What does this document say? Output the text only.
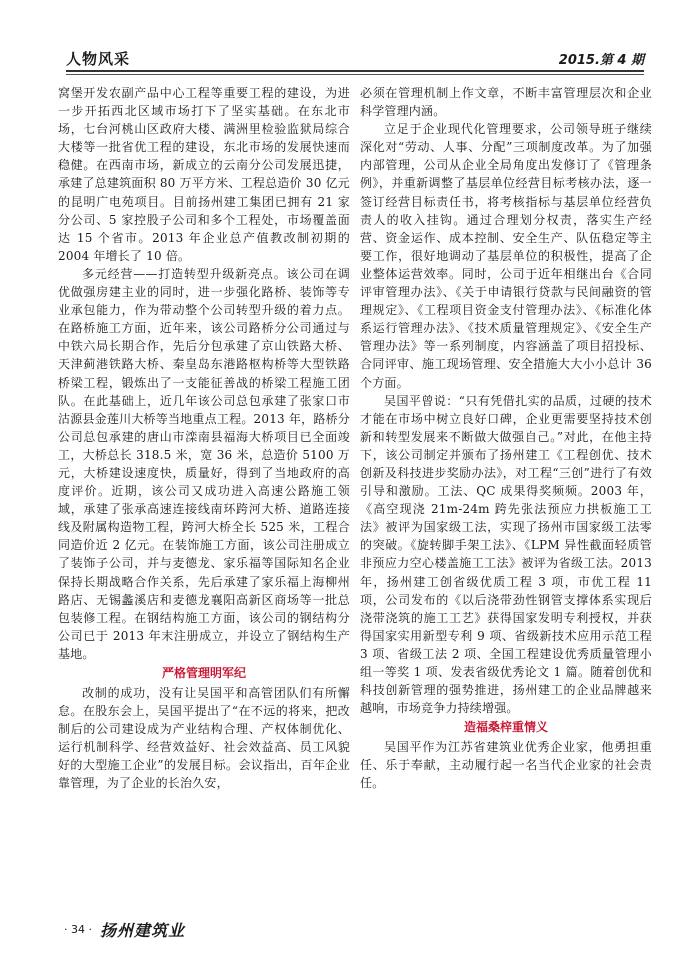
人物风采	2015.第 4 期

窝堡开发农副产品中心工程等重要工程的建设，为进一步开拓西北区域市场打下了坚实基础。在东北市场，七台河桃山区政府大楼、满洲里检验监狱局综合大楼等一批省优工程的建设，东北市场的发展快速而稳健。在西南市场，新成立的云南分公司发展迅捷，承建了总建筑面积 80 万平方米、工程总造价 30 亿元的昆明广电苑项目。目前扬州建工集团已拥有 21 家分公司、5 家控股子公司和多个工程处，市场覆盖面达 15 个省市。2013 年企业总产值教改制初期的 2004 年增长了 10 倍。

多元经营——打造转型升级新亮点。该公司在调优做强房建主业的同时，进一步强化路桥、装饰等专业承包能力，作为带动整个公司转型升级的着力点。在路桥施工方面，近年来，该公司路桥分公司通过与中铁六局长期合作，先后分包承建了京山铁路大桥、天津蓟港铁路大桥、秦皇岛东港路枢构桥等大型铁路桥梁工程，锻炼出了一支能征善战的桥梁工程施工团队。在此基础上，近几年该公司总包承建了张家口市沽源县金莲川大桥等当地重点工程。2013 年，路桥分公司总包承建的唐山市滦南县福海大桥项目已全面竣工，大桥总长 318.5 米，宽 36 米，总造价 5100 万元，大桥建设速度快，质量好，得到了当地政府的高度评价。近期，该公司又成功进入高速公路施工领域，承建了张承高速连接线南环跨河大桥、道路连接线及附属构造物工程，跨河大桥全长 525 米，工程合同造价近 2 亿元。在装饰施工方面，该公司注册成立了装饰子公司，并与麦德龙、家乐福等国际知名企业保持长期战略合作关系，先后承建了家乐福上海柳州路店、无锡蠡溪店和麦德龙襄阳高新区商场等一批总包装修工程。在钢结构施工方面，该公司的钢结构分公司已于 2013 年末注册成立，并设立了钢结构生产基地。

严格管理明军纪

改制的成功，没有让吴国平和高管团队们有所懈怠。在股东会上，吴国平提出了“在不远的将来，把改制后的公司建设成为产业结构合理、产权体制优化、运行机制科学、经营效益好、社会效益高、员工风貌好的大型施工企业”的发展目标。会议指出，百年企业靠管理，为了企业的长治久安，

必须在管理机制上作文章，不断丰富管理层次和企业科学管理内涵。

立足于企业现代化管理要求，公司领导班子继续深化对“劳动、人事、分配”三项制度改革。为了加强内部管理，公司从企业全局角度出发修订了《管理条例》，并重新调整了基层单位经营目标考核办法，逐一签订经营目标责任书，将考核指标与基层单位经营负责人的收入挂钩。通过合理划分权责，落实生产经营、资金运作、成本控制、安全生产、队伍稳定等主要工作，很好地调动了基层单位的积极性，提高了企业整体运营效率。同时，公司于近年相继出台《合同评审管理办法》、《关于申请银行贷款与民间融资的管理规定》、《工程项目资金支付管理办法》、《标准化体系运行管理办法》、《技术质量管理规定》、《安全生产管理办法》等一系列制度，内容涵盖了项目招投标、合同评审、施工现场管理、安全措施大大小小总计 36 个方面。

吴国平曾说：“只有凭借扎实的品质，过硬的技术才能在市场中树立良好口碑，企业更需要坚持技术创新和转型发展来不断做大做强自己。”对此，在他主持下，该公司制定并颁布了扬州建工《工程创优、技术创新及科技进步奖励办法》，对工程“三创”进行了有效引导和激励。工法、QC 成果得奖频频。2003 年，《高空现浇 21m-24m 跨先张法预应力拱板施工工法》被评为国家级工法，实现了扬州市国家级工法零的突破。《旋转脚手架工法》、《LPM 异性截面轻质管非预应力空心楼盖施工工法》被评为省级工法。2013 年，扬州建工创省级优质工程 3 项，市优工程 11 项，公司发布的《以后浇带劲性钢管支撑体系实现后浇带浇筑的施工工艺》获得国家发明专利授权，并获得国家实用新型专利 9 项、省级新技术应用示范工程 3 项、省级工法 2 项、全国工程建设优秀质量管理小组一等奖 1 项、发表省级优秀论文 1 篇。随着创优和科技创新管理的强势推进，扬州建工的企业品牌越来越响，市场竞争力持续增强。

造福桑梓重情义

吴国平作为江苏省建筑业优秀企业家，他勇担重任、乐于奉献，主动履行起一名当代企业家的社会责任。

· 34 · 扬州建筑业
